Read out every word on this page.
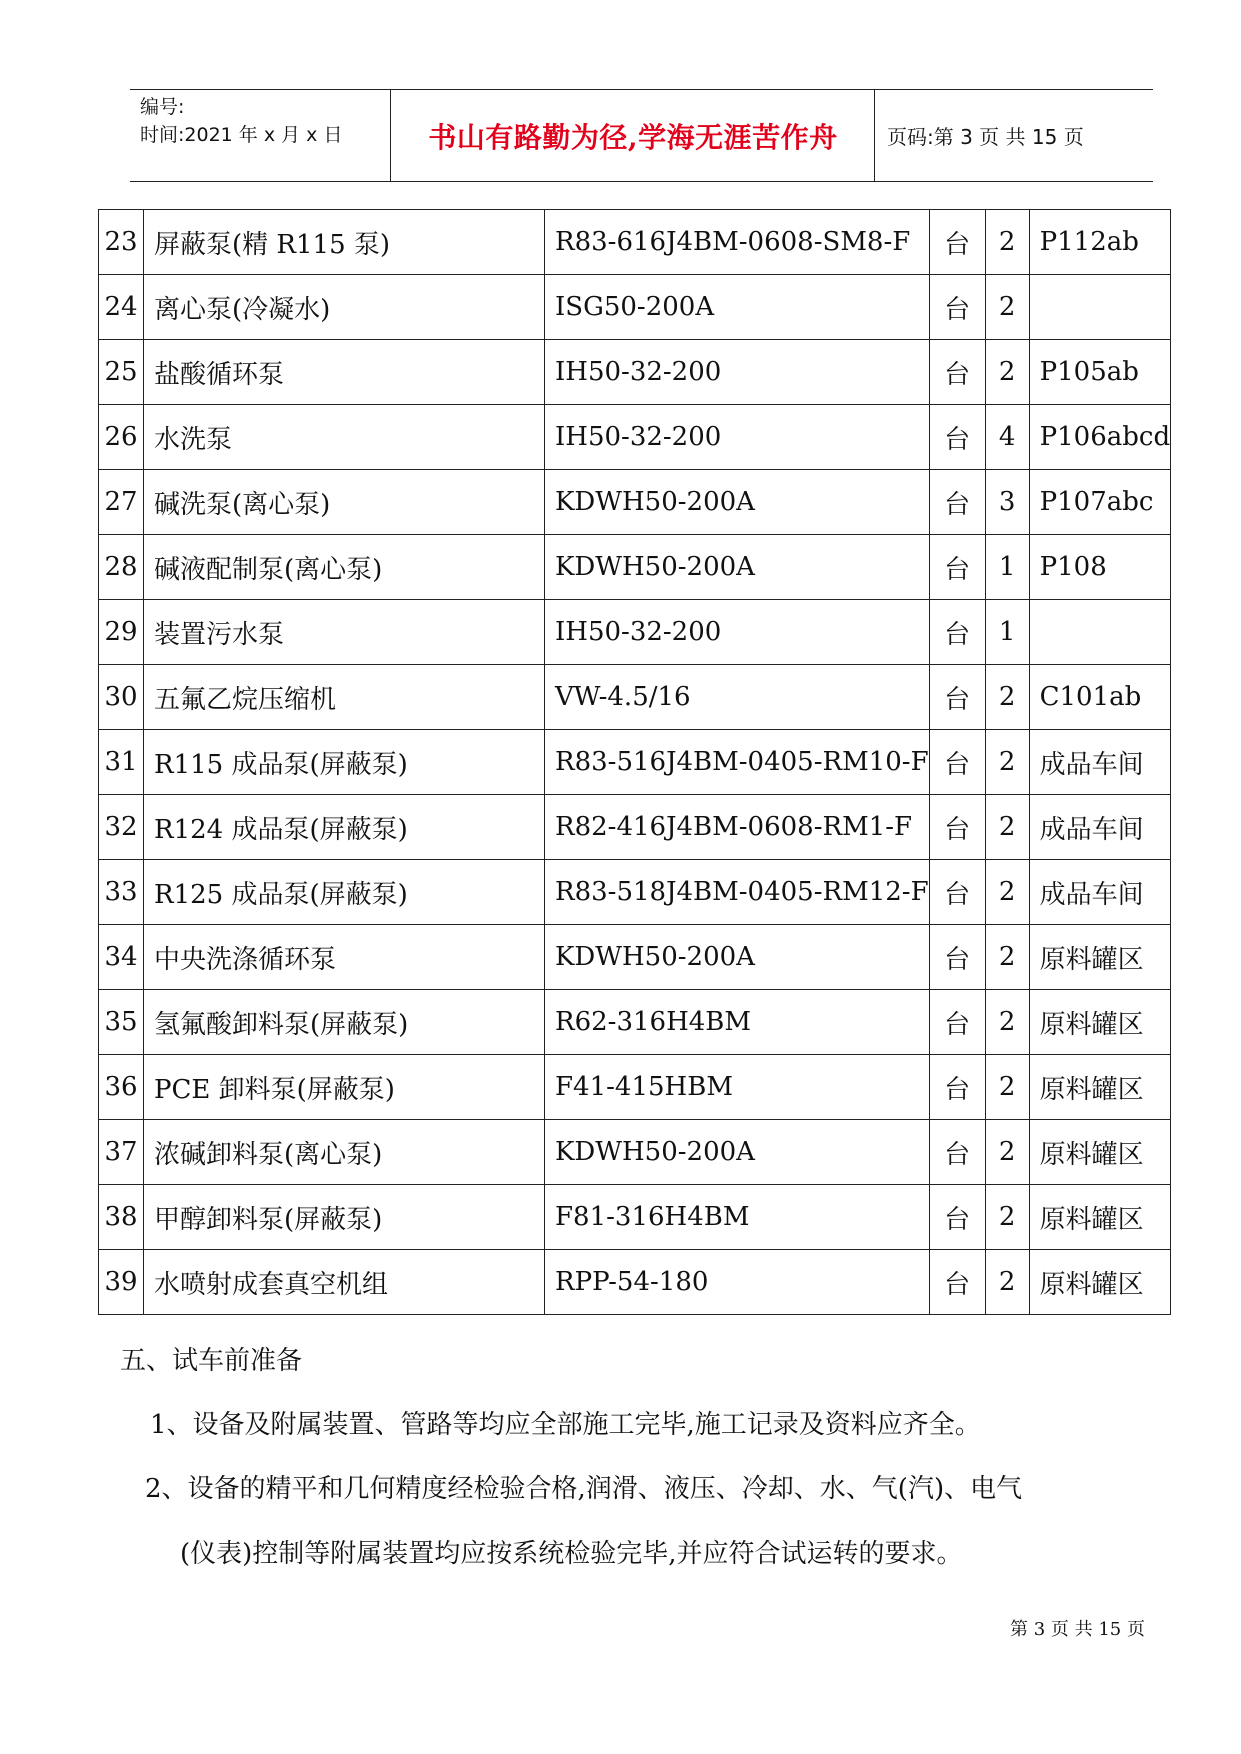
编号:
时间:2021 年 x 月 x 日	书山有路勤为径,学海无涯苦作舟	页码:第 3 页 共 15 页
23	屏蔽泵(精 R115 泵)	R83-616J4BM-0608-SM8-F	台	2	P112ab
24	离心泵(冷凝水)	ISG50-200A	台	2	
25	盐酸循环泵	IH50-32-200	台	2	P105ab
26	水洗泵	IH50-32-200	台	4	P106abcd
27	碱洗泵(离心泵)	KDWH50-200A	台	3	P107abc
28	碱液配制泵(离心泵)	KDWH50-200A	台	1	P108
29	装置污水泵	IH50-32-200	台	1	
30	五氟乙烷压缩机	VW-4.5/16	台	2	C101ab
31	R115 成品泵(屏蔽泵)	R83-516J4BM-0405-RM10-F	台	2	成品车间
32	R124 成品泵(屏蔽泵)	R82-416J4BM-0608-RM1-F	台	2	成品车间
33	R125 成品泵(屏蔽泵)	R83-518J4BM-0405-RM12-F	台	2	成品车间
34	中央洗涤循环泵	KDWH50-200A	台	2	原料罐区
35	氢氟酸卸料泵(屏蔽泵)	R62-316H4BM	台	2	原料罐区
36	PCE 卸料泵(屏蔽泵)	F41-415HBM	台	2	原料罐区
37	浓碱卸料泵(离心泵)	KDWH50-200A	台	2	原料罐区
38	甲醇卸料泵(屏蔽泵)	F81-316H4BM	台	2	原料罐区
39	水喷射成套真空机组	RPP-54-180	台	2	原料罐区
五、试车前准备
1、设备及附属装置、管路等均应全部施工完毕,施工记录及资料应齐全。
2、设备的精平和几何精度经检验合格,润滑、液压、冷却、水、气(汽)、电气
(仪表)控制等附属装置均应按系统检验完毕,并应符合试运转的要求。
第 3 页 共 15 页
